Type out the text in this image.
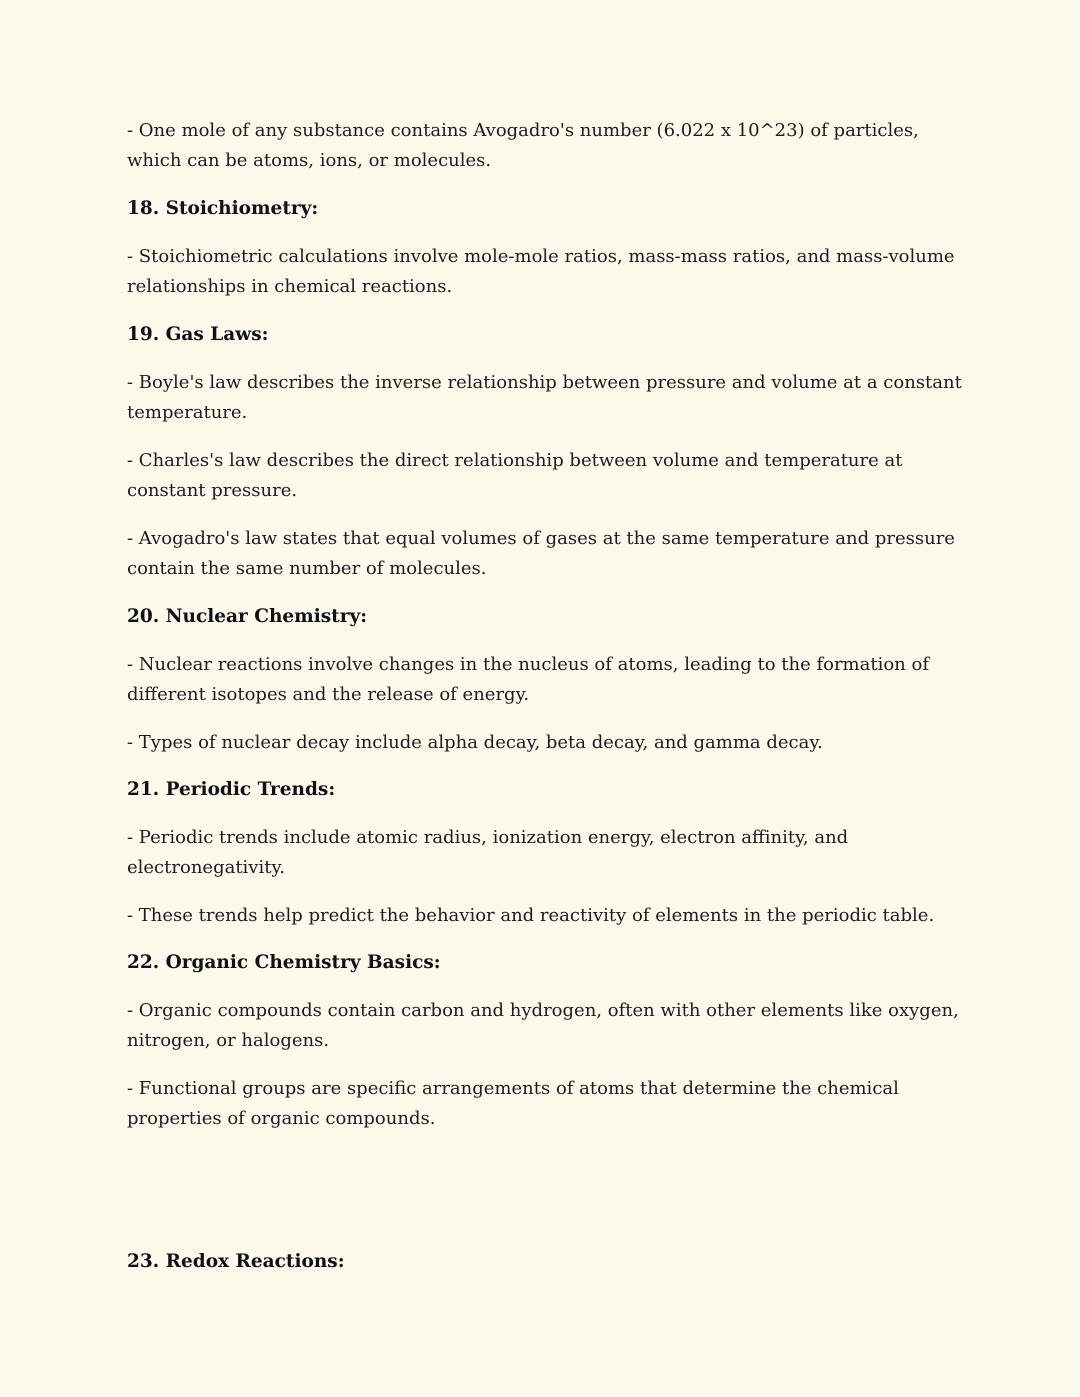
- One mole of any substance contains Avogadro's number (6.022 x 10^23) of particles, which can be atoms, ions, or molecules.

18. Stoichiometry:

- Stoichiometric calculations involve mole-mole ratios, mass-mass ratios, and mass-volume relationships in chemical reactions.

19. Gas Laws:

- Boyle's law describes the inverse relationship between pressure and volume at a constant temperature.

- Charles's law describes the direct relationship between volume and temperature at constant pressure.

- Avogadro's law states that equal volumes of gases at the same temperature and pressure contain the same number of molecules.

20. Nuclear Chemistry:

- Nuclear reactions involve changes in the nucleus of atoms, leading to the formation of different isotopes and the release of energy.

- Types of nuclear decay include alpha decay, beta decay, and gamma decay.

21. Periodic Trends:

- Periodic trends include atomic radius, ionization energy, electron affinity, and electronegativity.

- These trends help predict the behavior and reactivity of elements in the periodic table.

22. Organic Chemistry Basics:

- Organic compounds contain carbon and hydrogen, often with other elements like oxygen, nitrogen, or halogens.

- Functional groups are specific arrangements of atoms that determine the chemical properties of organic compounds.

23. Redox Reactions:
